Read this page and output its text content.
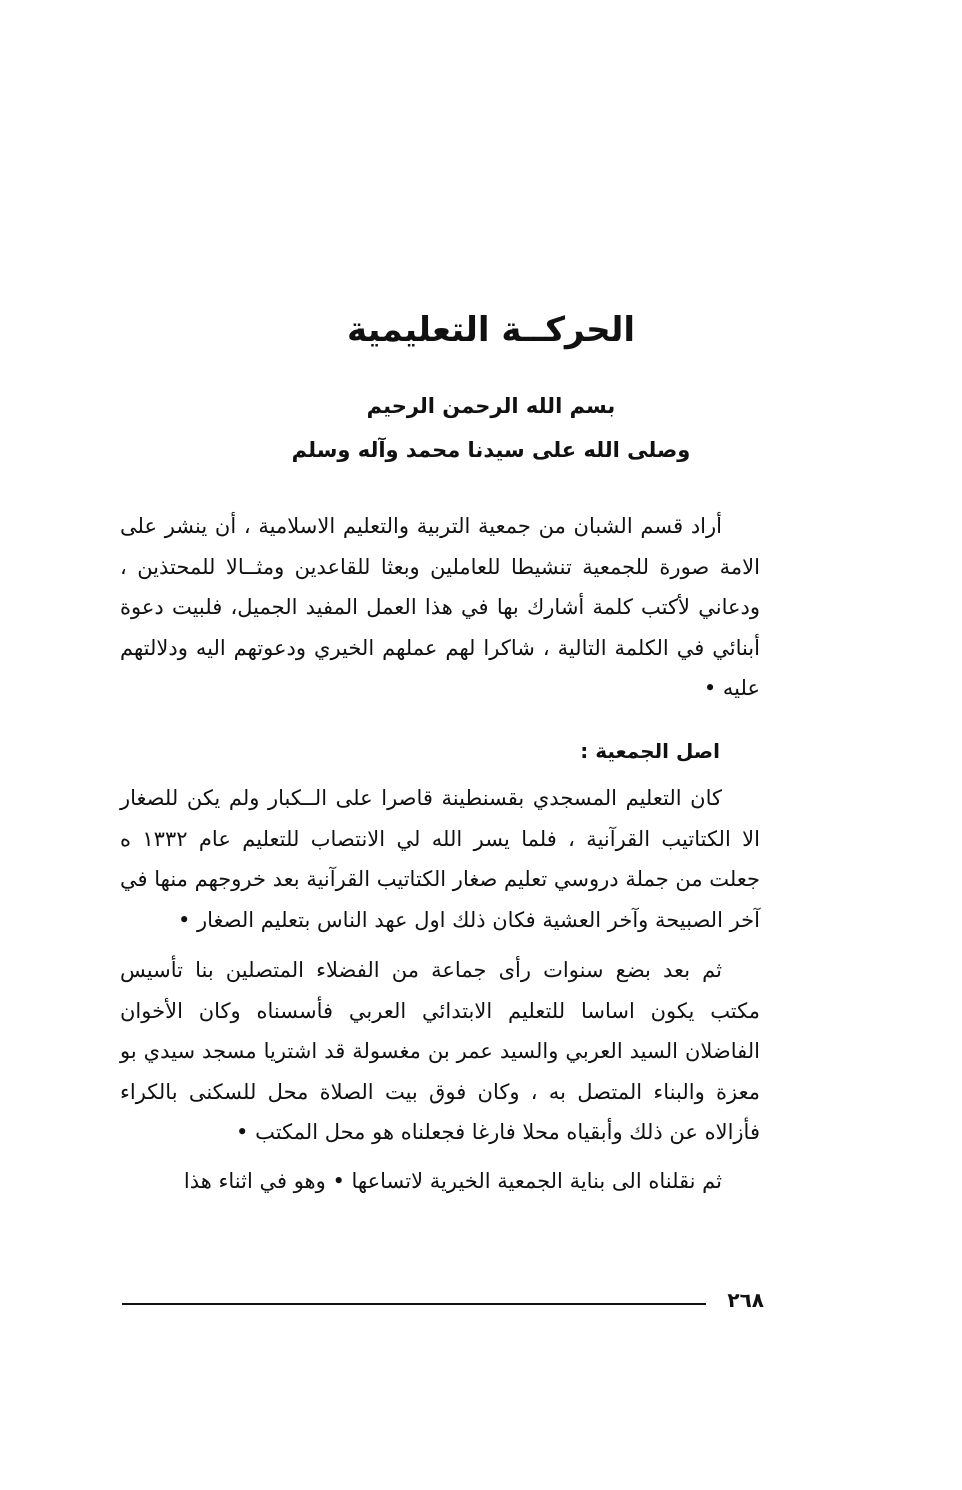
الحركــة التعليمية
بسم الله الرحمن الرحيم
وصلى الله على سيدنا محمد وآله وسلم

أراد قسم الشبان من جمعية التربية والتعليم الاسلامية ، أن ينشر على الامة صورة للجمعية تنشيطا للعاملين وبعثا للقاعدين ومثــالا للمحتذين ، ودعاني لأكتب كلمة أشارك بها في هذا العمل المفيد الجميل، فلبيت دعوة أبنائي في الكلمة التالية ، شاكرا لهم عملهم الخيري ودعوتهم اليه ودلالتهم عليه •

اصل الجمعية :

كان التعليم المسجدي بقسنطينة قاصرا على الــكبار ولم يكن للصغار الا الكتاتيب القرآنية ، فلما يسر الله لي الانتصاب للتعليم عام ١٣٣٢ ه جعلت من جملة دروسي تعليم صغار الكتاتيب القرآنية بعد خروجهم منها في آخر الصبيحة وآخر العشية فكان ذلك اول عهد الناس بتعليم الصغار •

ثم بعد بضع سنوات رأى جماعة من الفضلاء المتصلين بنا تأسيس مكتب يكون اساسا للتعليم الابتدائي العربي فأسسناه وكان الأخوان الفاضلان السيد العربي والسيد عمر بن مغسولة قد اشتريا مسجد سيدي بو معزة والبناء المتصل به ، وكان فوق بيت الصلاة محل للسكنى بالكراء فأزالاه عن ذلك وأبقياه محلا فارغا فجعلناه هو محل المكتب •

ثم نقلناه الى بناية الجمعية الخيرية لاتساعها • وهو في اثناء هذا

٢٦٨
